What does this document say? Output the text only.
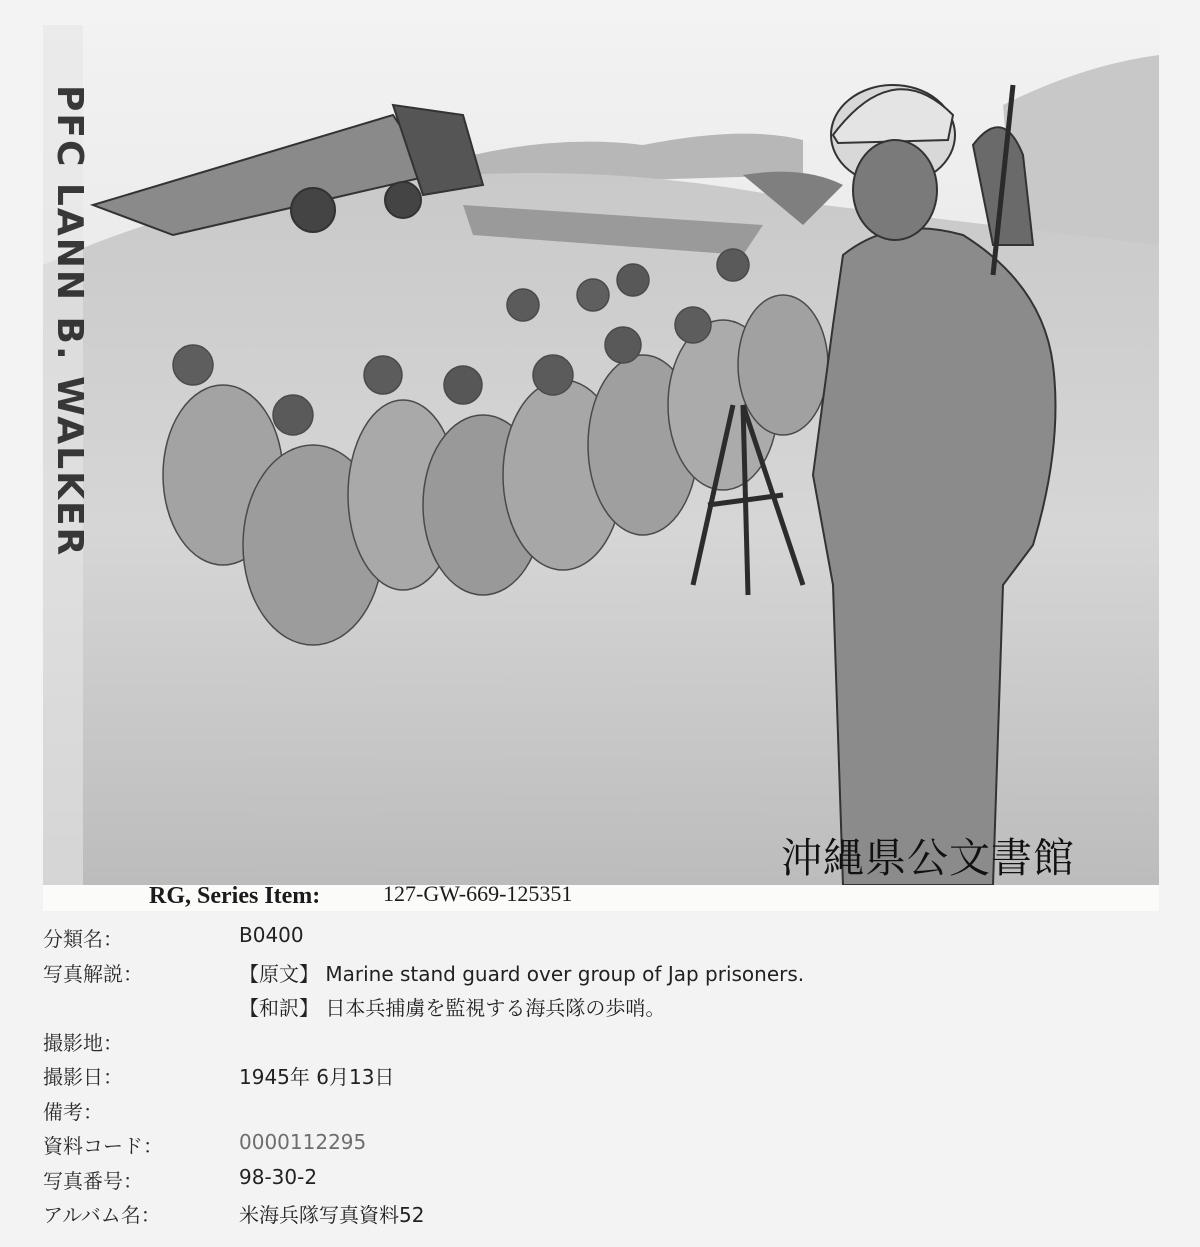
PFC LANN B. WALKER
沖縄県公文書館
RG, Series Item:	127-GW-669-125351
分類名：	B0400
写真解説：	【原文】 Marine stand guard over group of Jap prisoners.
【和訳】 日本兵捕虜を監視する海兵隊の歩哨。
撮影地：
撮影日：	1945年 6月13日
備考：
資料コード：	0000112295
写真番号：	98-30-2
アルバム名：	米海兵隊写真資料52
